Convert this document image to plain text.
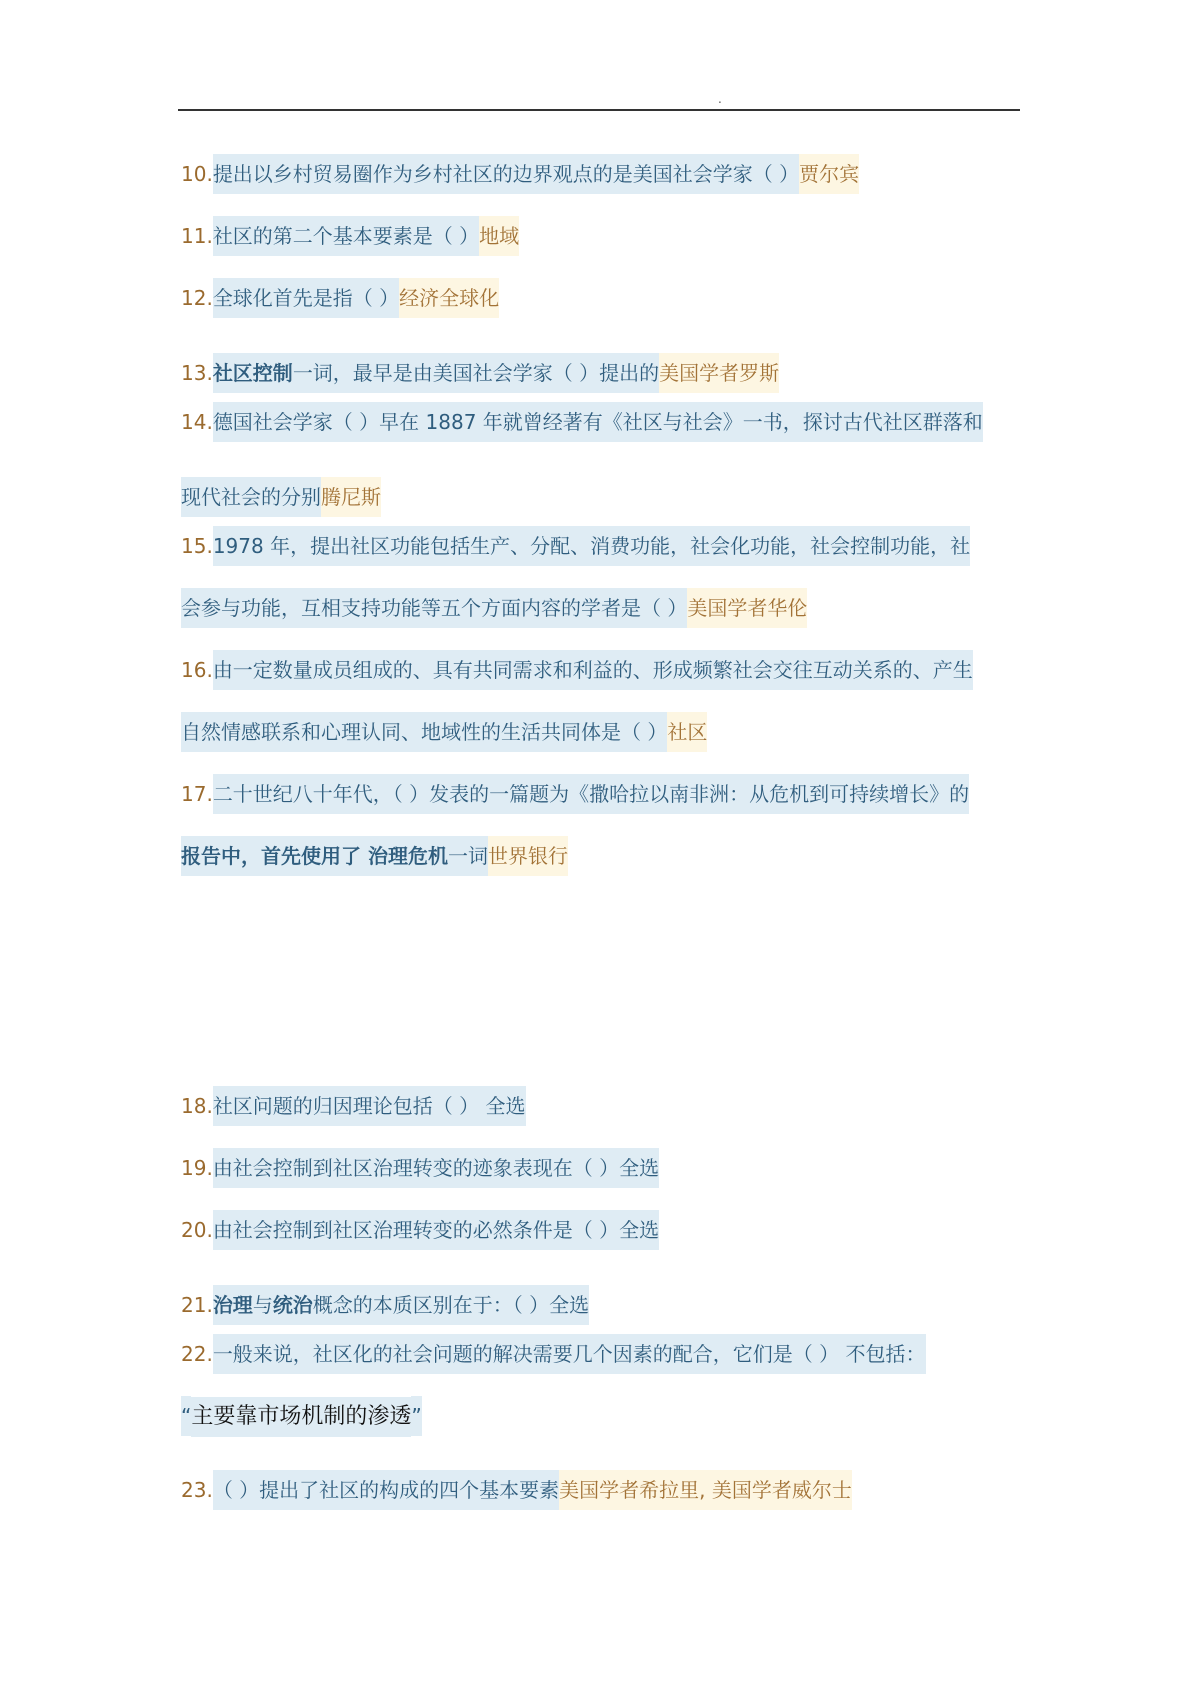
.
10.提出以乡村贸易圈作为乡村社区的边界观点的是美国社会学家（ ）贾尔宾
11.社区的第二个基本要素是（ ）地域
12.全球化首先是指（ ）经济全球化
13.社区控制一词，最早是由美国社会学家（ ）提出的美国学者罗斯
14.德国社会学家（ ）早在 1887 年就曾经著有《社区与社会》一书，探讨古代社区群落和
现代社会的分别腾尼斯
15.1978 年，提出社区功能包括生产、分配、消费功能，社会化功能，社会控制功能，社
会参与功能，互相支持功能等五个方面内容的学者是（ ）美国学者华伦
16.由一定数量成员组成的、具有共同需求和利益的、形成频繁社会交往互动关系的、产生
自然情感联系和心理认同、地域性的生活共同体是（ ）社区
17.二十世纪八十年代，（ ）发表的一篇题为《撒哈拉以南非洲：从危机到可持续增长》的
报告中，首先使用了 治理危机一词世界银行
18.社区问题的归因理论包括（ ） 全选
19.由社会控制到社区治理转变的迹象表现在（ ）全选
20.由社会控制到社区治理转变的必然条件是（ ）全选
21.治理与统治概念的本质区别在于：（ ）全选
22.一般来说，社区化的社会问题的解决需要几个因素的配合，它们是（ ） 不包括：
“主要靠市场机制的渗透”
23.（ ）提出了社区的构成的四个基本要素美国学者希拉里, 美国学者威尔士
